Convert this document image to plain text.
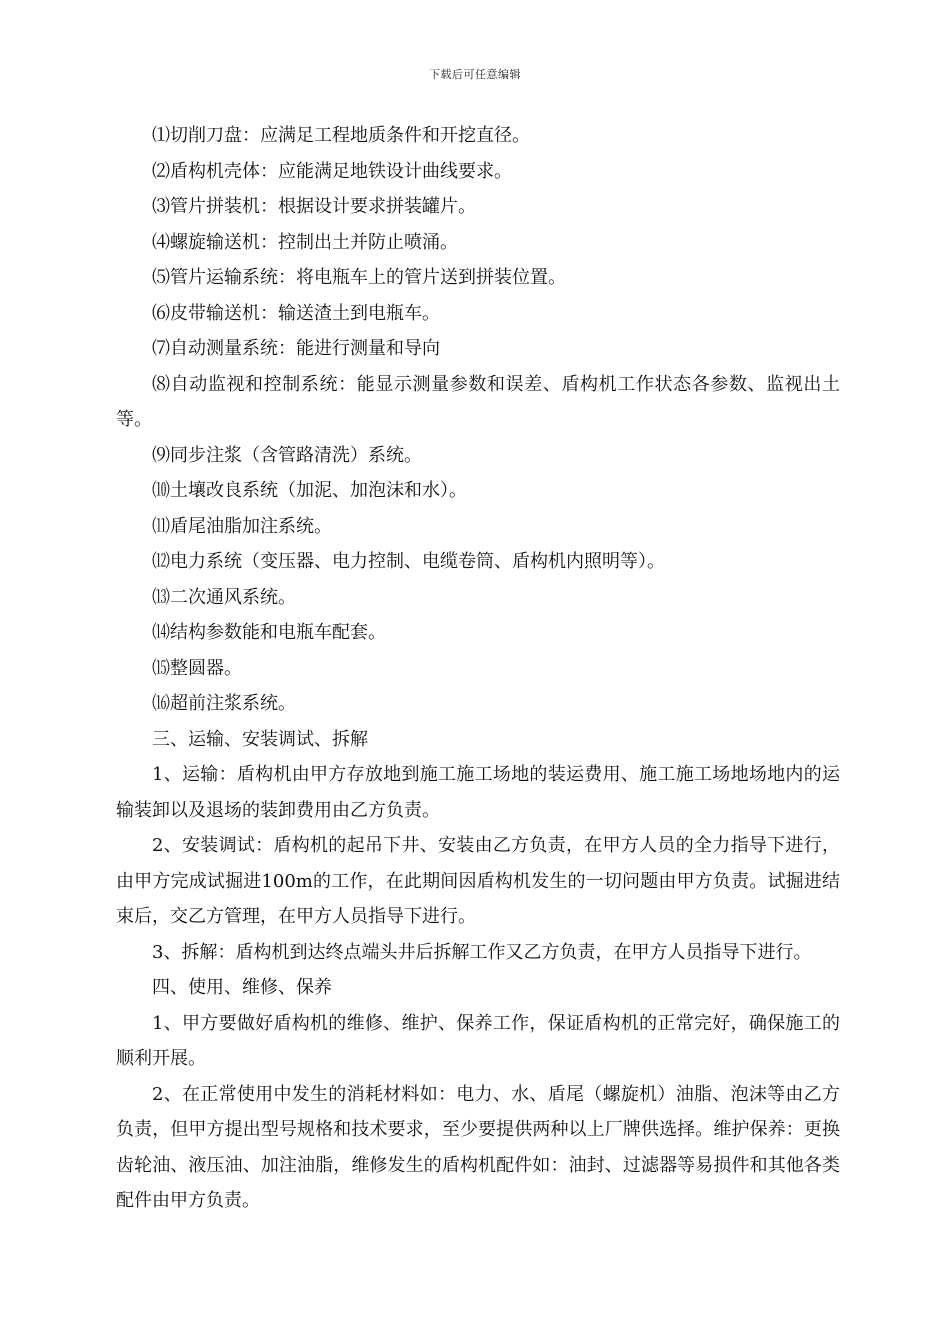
下载后可任意编辑

⑴切削刀盘：应满足工程地质条件和开挖直径。

⑵盾构机壳体：应能满足地铁设计曲线要求。

⑶管片拼装机：根据设计要求拼装罐片。

⑷螺旋输送机：控制出土并防止喷涌。

⑸管片运输系统：将电瓶车上的管片送到拼装位置。

⑹皮带输送机：输送渣土到电瓶车。

⑺自动测量系统：能进行测量和导向

⑻自动监视和控制系统：能显示测量参数和误差、盾构机工作状态各参数、监视出土等。

⑼同步注浆（含管路清洗）系统。

⑽土壤改良系统（加泥、加泡沫和水）。

⑾盾尾油脂加注系统。

⑿电力系统（变压器、电力控制、电缆卷筒、盾构机内照明等）。

⒀二次通风系统。

⒁结构参数能和电瓶车配套。

⒂整圆器。

⒃超前注浆系统。

三、运输、安装调试、拆解

1、运输：盾构机由甲方存放地到施工施工场地的装运费用、施工施工场地场地内的运输装卸以及退场的装卸费用由乙方负责。

2、安装调试：盾构机的起吊下井、安装由乙方负责，在甲方人员的全力指导下进行，由甲方完成试掘进100m的工作，在此期间因盾构机发生的一切问题由甲方负责。试掘进结束后，交乙方管理，在甲方人员指导下进行。

3、拆解：盾构机到达终点端头井后拆解工作又乙方负责，在甲方人员指导下进行。

四、使用、维修、保养

1、甲方要做好盾构机的维修、维护、保养工作，保证盾构机的正常完好，确保施工的顺利开展。

2、在正常使用中发生的消耗材料如：电力、水、盾尾（螺旋机）油脂、泡沫等由乙方负责，但甲方提出型号规格和技术要求，至少要提供两种以上厂牌供选择。维护保养：更换齿轮油、液压油、加注油脂，维修发生的盾构机配件如：油封、过滤器等易损件和其他各类配件由甲方负责。
